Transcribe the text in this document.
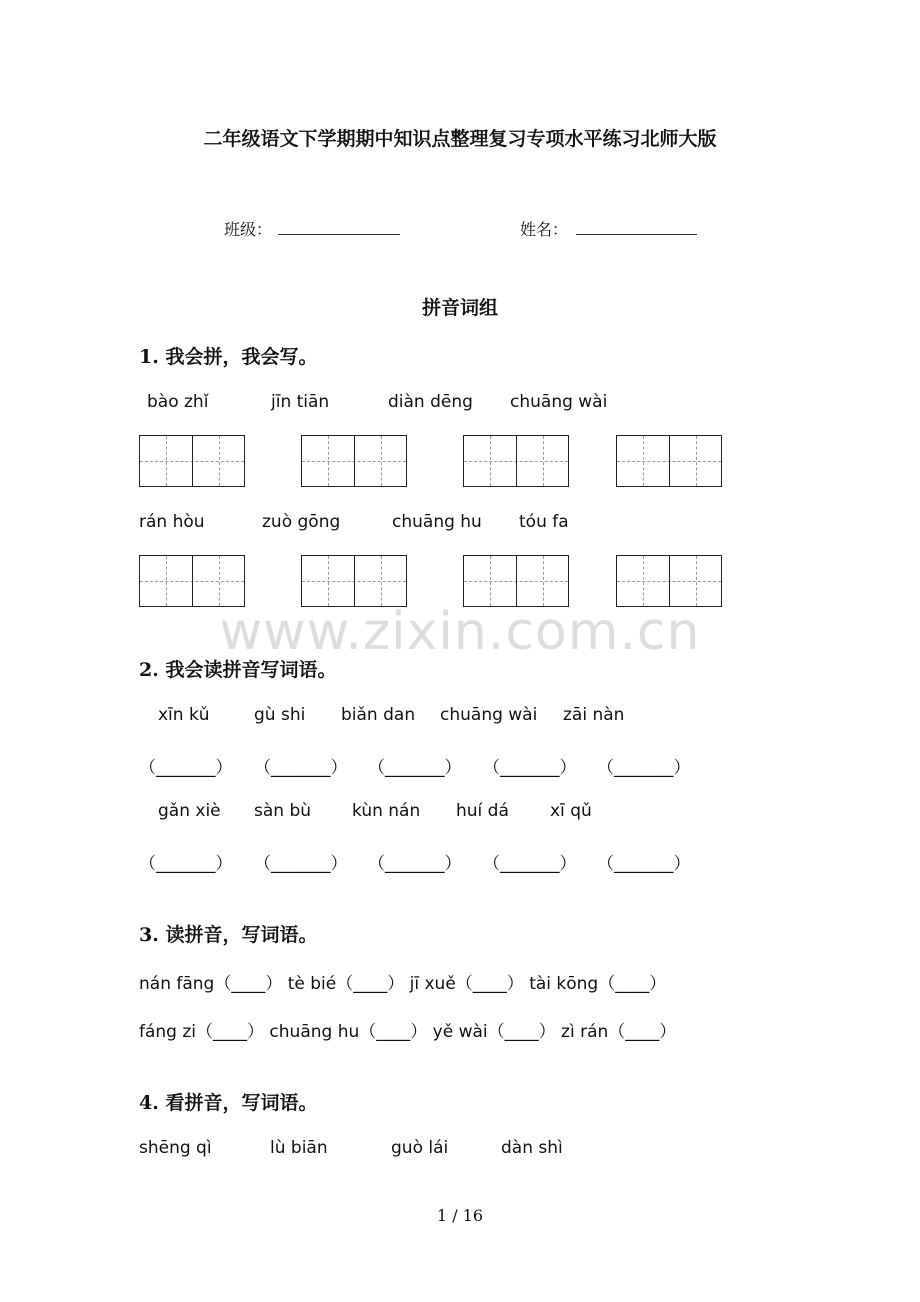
二年级语文下学期期中知识点整理复习专项水平练习北师大版
班级：	姓名：
拼音词组
1. 我会拼，我会写。
bào zhǐ	jīn tiān	diàn dēng chuāng wài
rán hòu	zuò gōng	chuāng hu tóu fa
www.zixin.com.cn
2. 我会读拼音写词语。
xīn kǔ	gù shi biǎn dan chuāng wài zāi nàn
（_______） （_______） （_______） （_______） （_______）
gǎn xiè sàn bù kùn nán huí dá xī qǔ
（_______） （_______） （_______） （_______） （_______）
3. 读拼音，写词语。
nán fāng（____） tè bié（____） jī xuě（____） tài kōng（____）
fáng zi（____） chuāng hu（____） yě wài（____） zì rán（____）
4. 看拼音，写词语。
shēng qì	lù biān	guò lái	dàn shì
1 / 16
